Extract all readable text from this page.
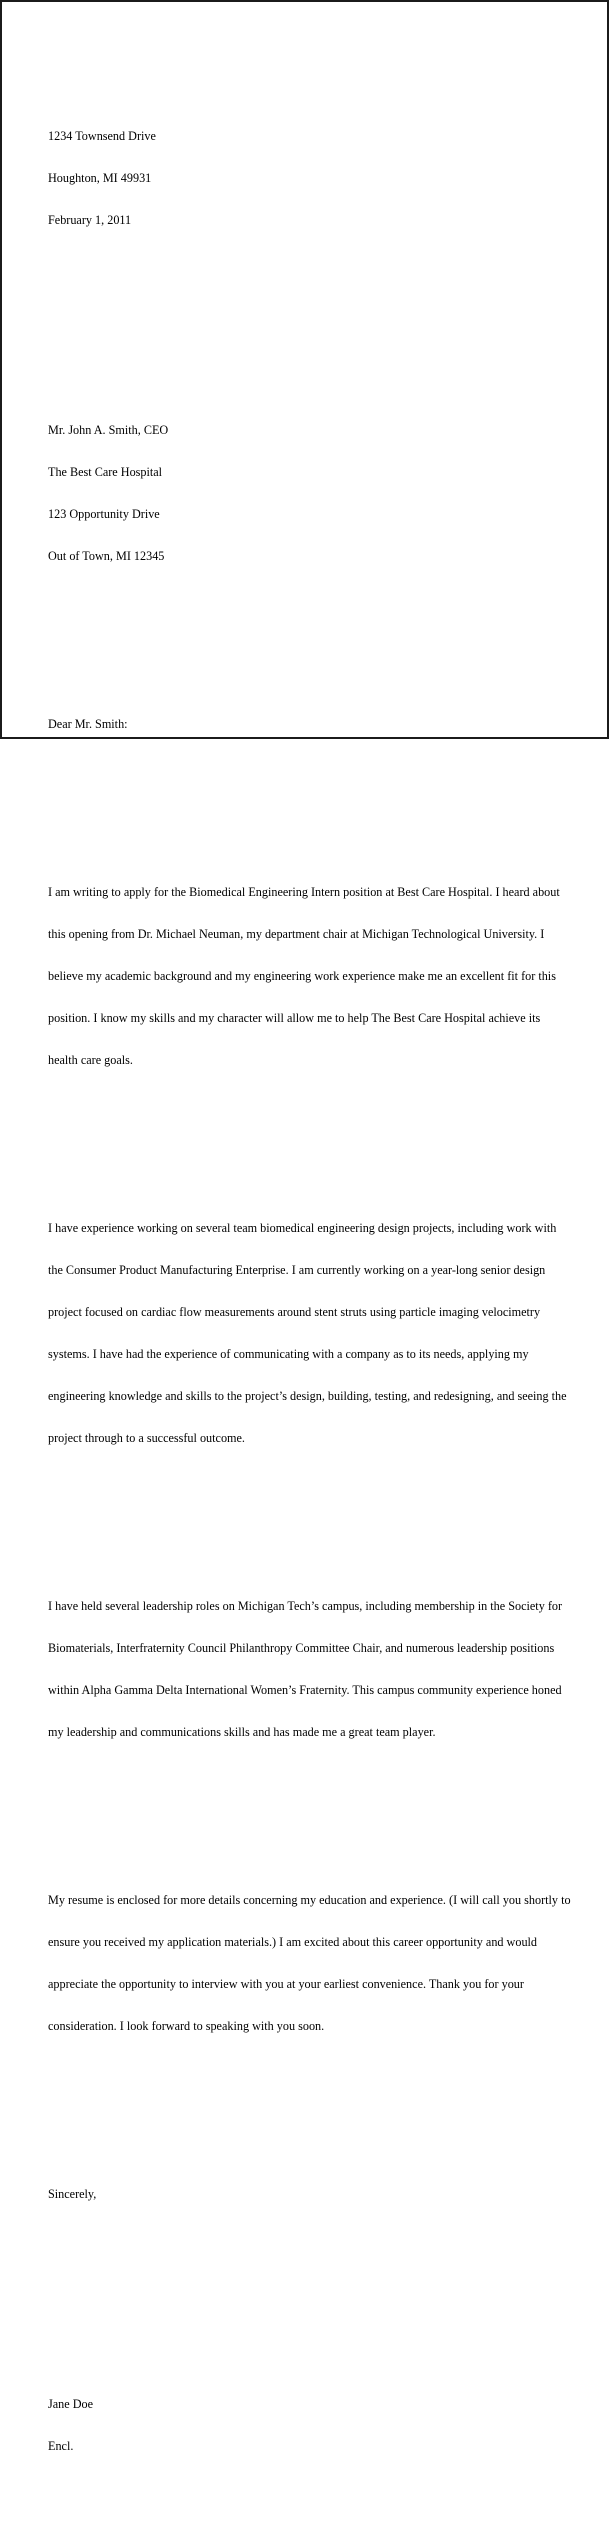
1234 Townsend Drive

Houghton, MI 49931

February 1, 2011

Mr. John A. Smith, CEO

The Best Care Hospital

123 Opportunity Drive

Out of Town, MI 12345

Dear Mr. Smith:

I am writing to apply for the Biomedical Engineering Intern position at Best Care Hospital. I heard about

this opening from Dr. Michael Neuman, my department chair at Michigan Technological University. I

believe my academic background and my engineering work experience make me an excellent fit for this

position. I know my skills and my character will allow me to help The Best Care Hospital achieve its

health care goals.

I have experience working on several team biomedical engineering design projects, including work with

the Consumer Product Manufacturing Enterprise. I am currently working on a year-long senior design

project focused on cardiac flow measurements around stent struts using particle imaging velocimetry

systems. I have had the experience of communicating with a company as to its needs, applying my

engineering knowledge and skills to the project’s design, building, testing, and redesigning, and seeing the

project through to a successful outcome.

I have held several leadership roles on Michigan Tech’s campus, including membership in the Society for

Biomaterials, Interfraternity Council Philanthropy Committee Chair, and numerous leadership positions

within Alpha Gamma Delta International Women’s Fraternity. This campus community experience honed

my leadership and communications skills and has made me a great team player.

My resume is enclosed for more details concerning my education and experience. (I will call you shortly to

ensure you received my application materials.) I am excited about this career opportunity and would

appreciate the opportunity to interview with you at your earliest convenience. Thank you for your

consideration. I look forward to speaking with you soon.

Sincerely,

Jane Doe

Encl.
